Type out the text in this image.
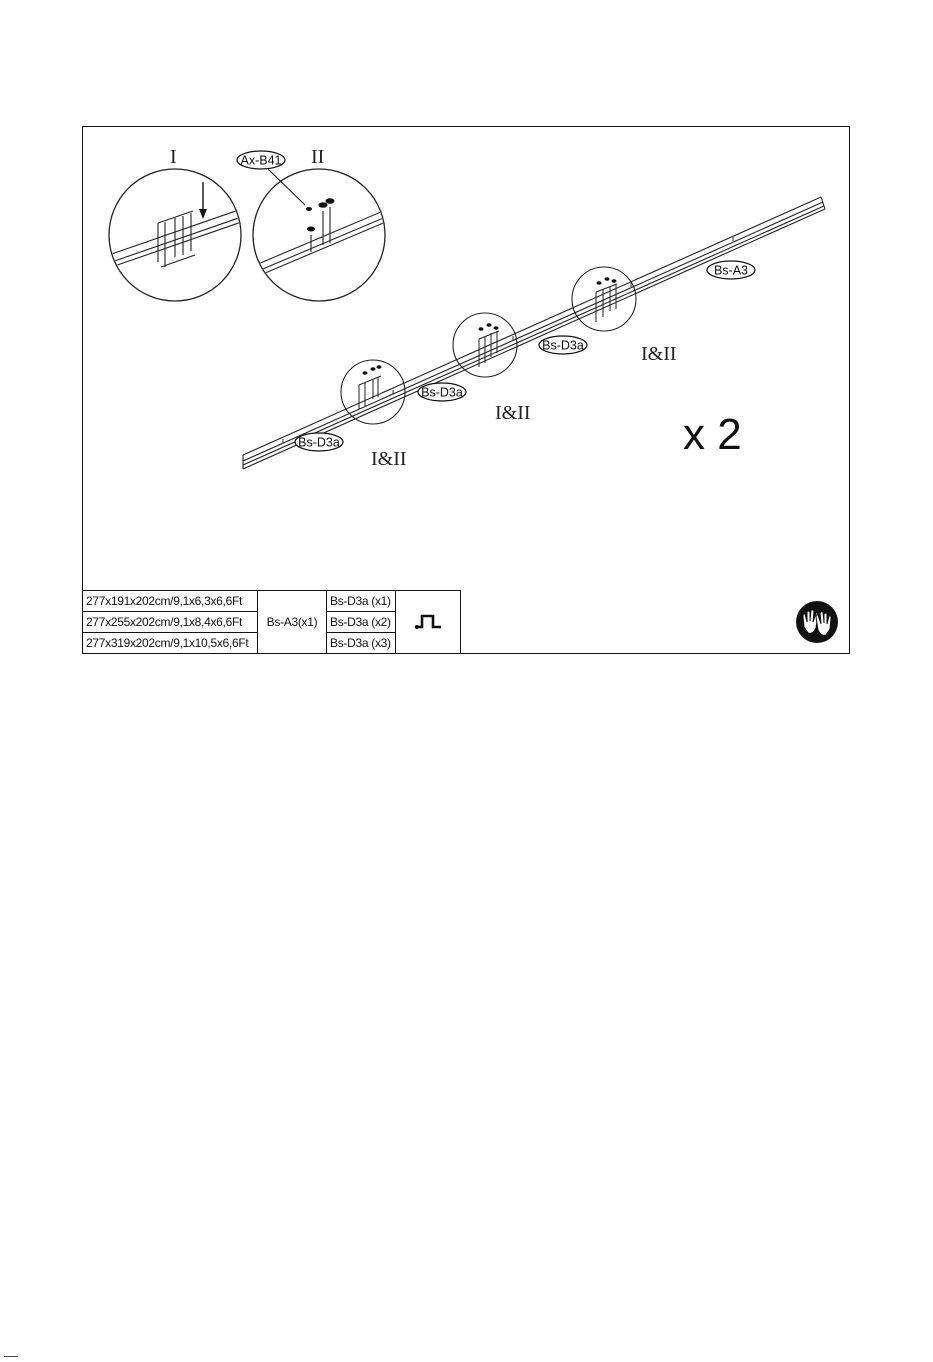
I	II
Ax-B41
Bs-A3
Bs-D3a
Bs-D3a
Bs-D3a
I&II
I&II
I&II	x 2
277x191x202cm/9,1x6,3x6,6Ft	Bs-A3(x1)	Bs-D3a (x1)	
277x255x202cm/9,1x8,4x6,6Ft		Bs-D3a (x2)	
277x319x202cm/9,1x10,5x6,6Ft		Bs-D3a (x3)	
